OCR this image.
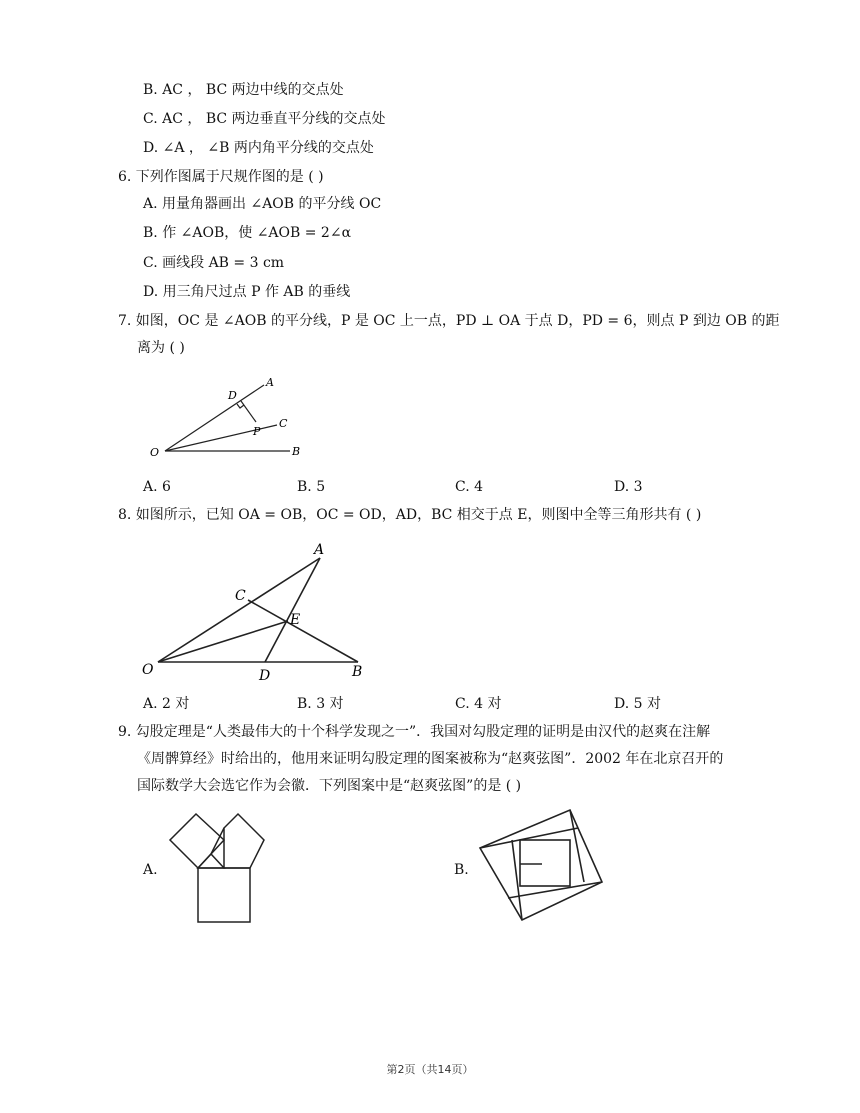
B. AC ， BC 两边中线的交点处
C. AC ， BC 两边垂直平分线的交点处
D. ∠A ， ∠B 两内角平分线的交点处
6. 下列作图属于尺规作图的是 ( )
A. 用量角器画出 ∠AOB 的平分线 OC
B. 作 ∠AOB，使 ∠AOB = 2∠α
C. 画线段 AB = 3 cm
D. 用三角尺过点 P 作 AB 的垂线
7. 如图，OC 是 ∠AOB 的平分线，P 是 OC 上一点，PD ⊥ OA 于点 D，PD = 6，则点 P 到边 OB 的距
离为 ( )
D
A
C
P
O	B
A. 6	B. 5	C. 4	D. 3
8. 如图所示，已知 OA = OB，OC = OD，AD，BC 相交于点 E，则图中全等三角形共有 ( )
A
C
E
O	D	B
A. 2 对	B. 3 对	C. 4 对	D. 5 对
9. 勾股定理是“人类最伟大的十个科学发现之一”．我国对勾股定理的证明是由汉代的赵爽在注解
《周髀算经》时给出的，他用来证明勾股定理的图案被称为“赵爽弦图”．2002 年在北京召开的
国际数学大会选它作为会徽．下列图案中是“赵爽弦图”的是 ( )
A.	B.
第2页（共14页）
